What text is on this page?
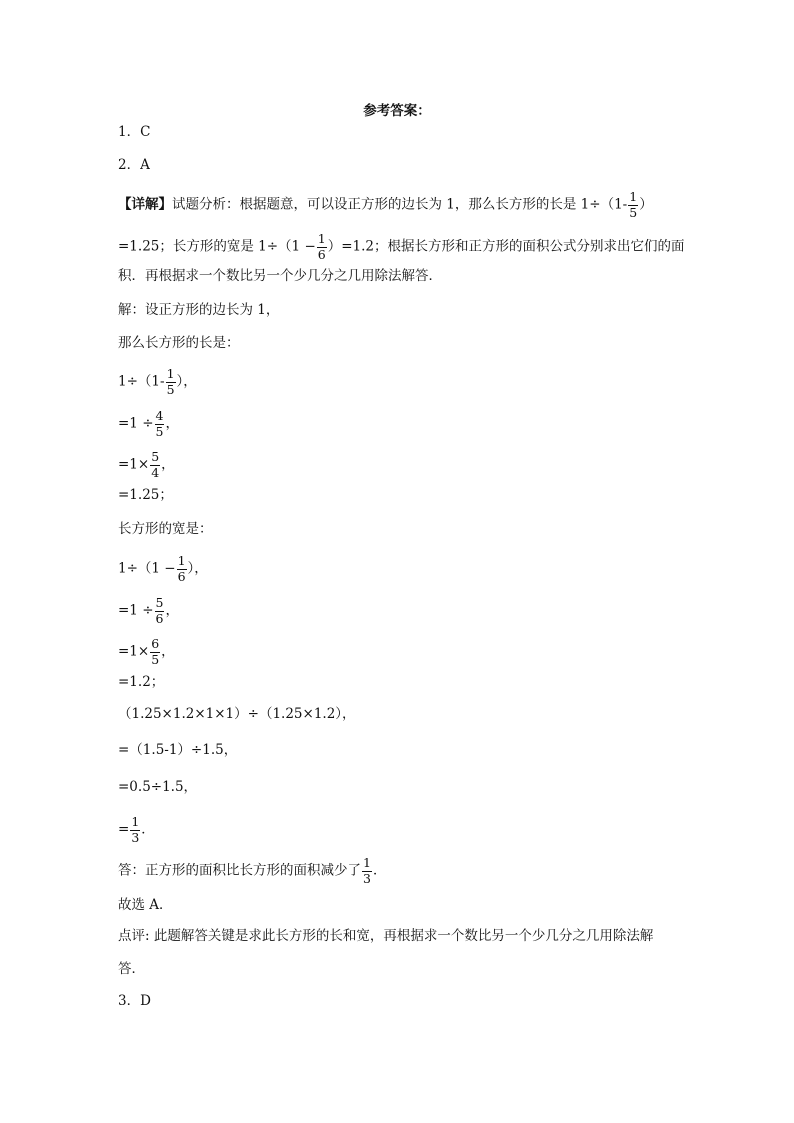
参考答案：
1．C
2．A
【详解】试题分析：根据题意，可以设正方形的边长为 1，那么长方形的长是 $1\div(1- \frac{1}{5}$ ）
=1.25；长方形的宽是 $1\div(1 - \frac{1}{6} )=1.2$；根据长方形和正方形的面积公式分别求出它们的面
积．再根据求一个数比另一个少几分之几用除法解答．
解：设正方形的边长为 1，
那么长方形的长是：
$1\div(1- \frac{1}{5}$ ），
$=1 \div \frac{4}{5}$ ，
$=1\times \frac{5}{4}$ ，
=1.25；
长方形的宽是：
$1\div(1 - \frac{1}{6}$ ），
$=1 \div \frac{5}{6}$ ，
$=1\times \frac{6}{5}$ ，
=1.2；
（1.25×1.2×1×1）÷（1.25×1.2），
=（1.5-1）÷1.5，
=0.5÷1.5，
= $\frac{1}{3}$ ．
答：正方形的面积比长方形的面积减少了 $\frac{1}{3}$ ．
故选 A．
点评: 此题解答关键是求此长方形的长和宽，再根据求一个数比另一个少几分之几用除法解
答．
3．D
